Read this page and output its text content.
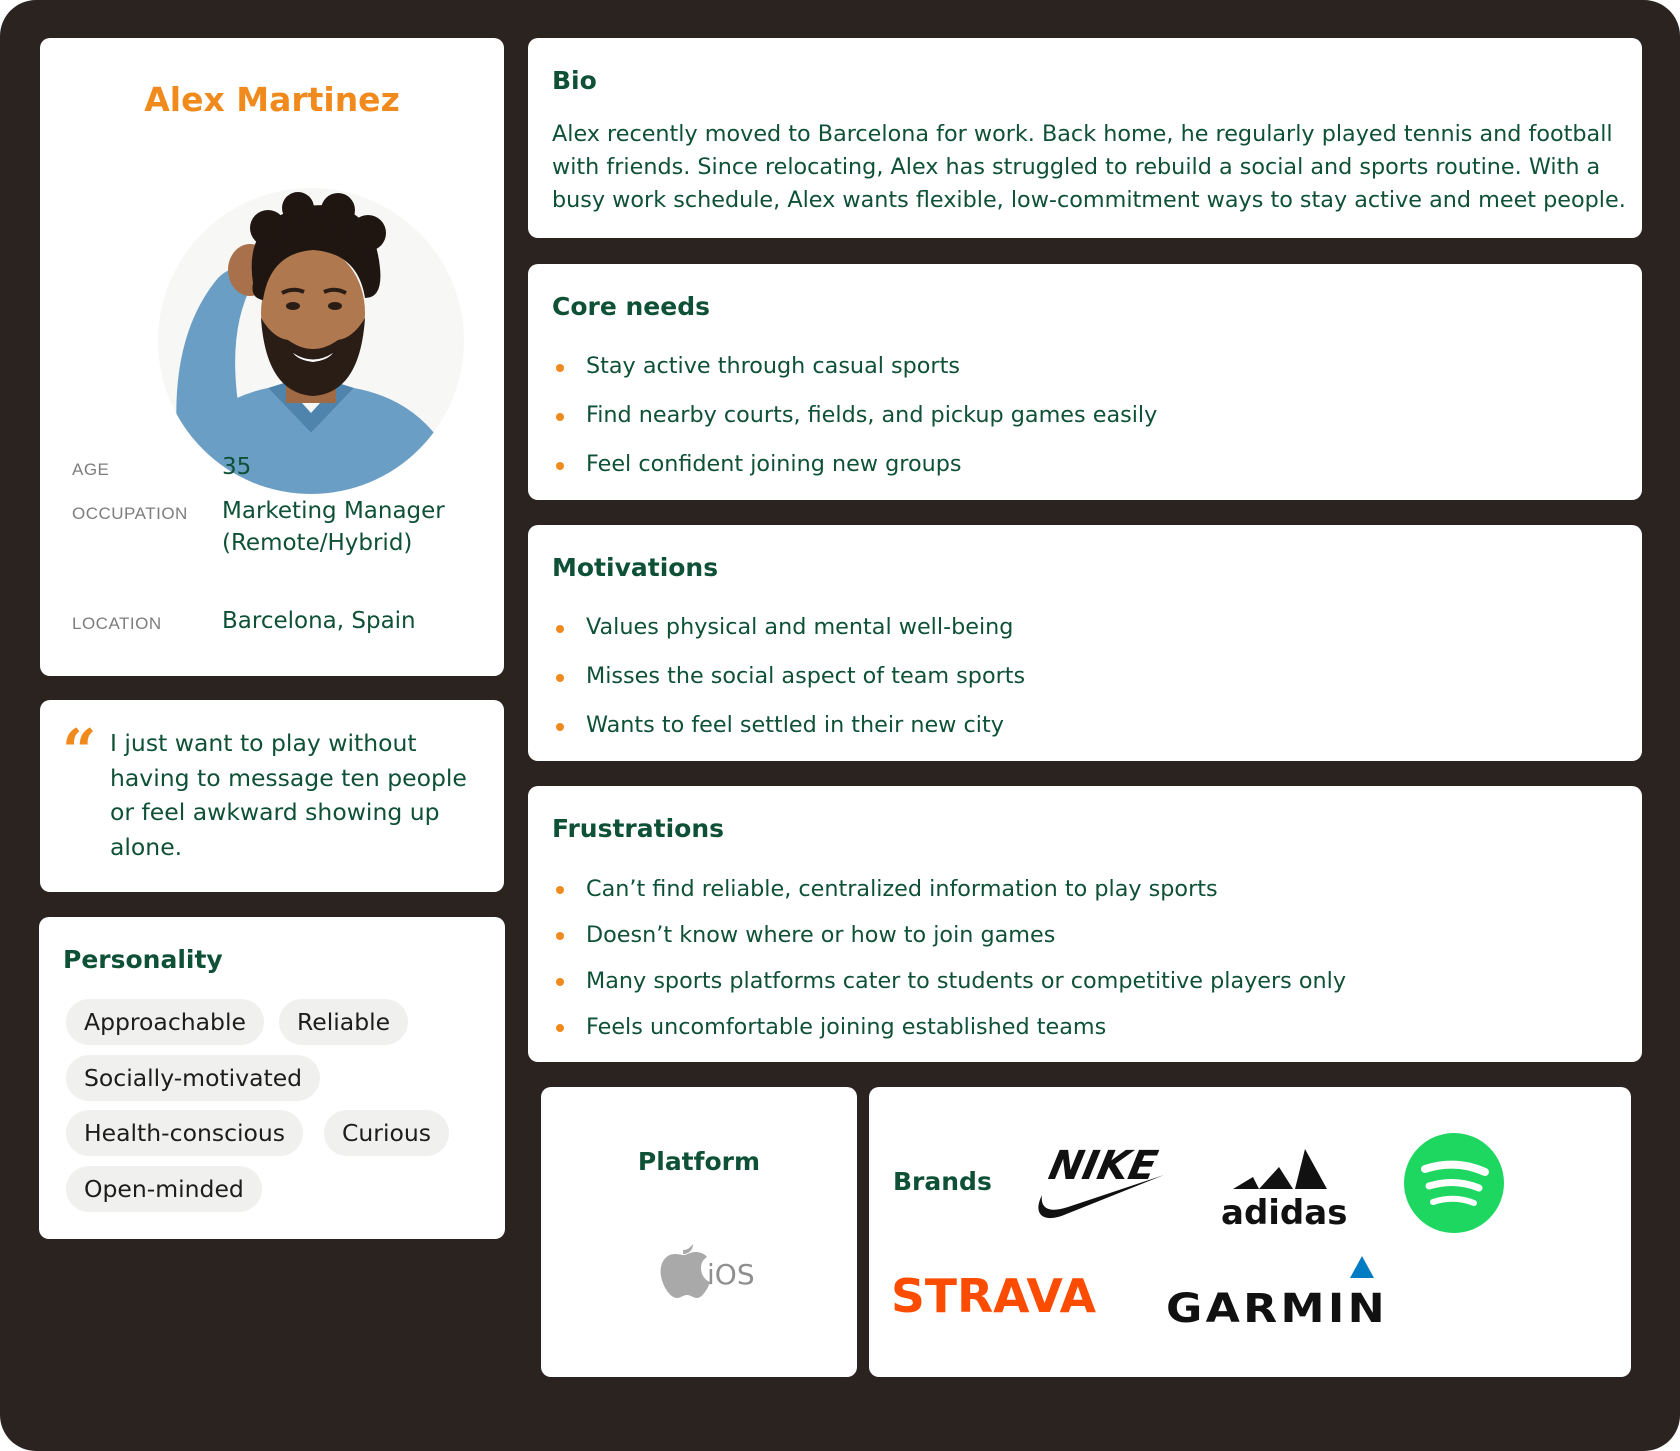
Alex Martinez
AGE	35
OCCUPATION Marketing Manager (Remote/Hybrid)
LOCATION	Barcelona, Spain
“ I just want to play without having to message ten people or feel awkward showing up alone.
Personality
Approachable	Reliable
Socially-motivated
Health-conscious	Curious
Open-minded
Bio
Alex recently moved to Barcelona for work. Back home, he regularly played tennis and football with friends. Since relocating, Alex has struggled to rebuild a social and sports routine. With a busy work schedule, Alex wants flexible, low-commitment ways to stay active and meet people.
Core needs
Stay active through casual sports
Find nearby courts, fields, and pickup games easily
Feel confident joining new groups
Motivations
Values physical and mental well-being
Misses the social aspect of team sports
Wants to feel settled in their new city
Frustrations
Can’t find reliable, centralized information to play sports
Doesn’t know where or how to join games
Many sports platforms cater to students or competitive players only
Feels uncomfortable joining established teams
Platform
iOS
Brands NIKE
adidas
STRAVA GARMIN
